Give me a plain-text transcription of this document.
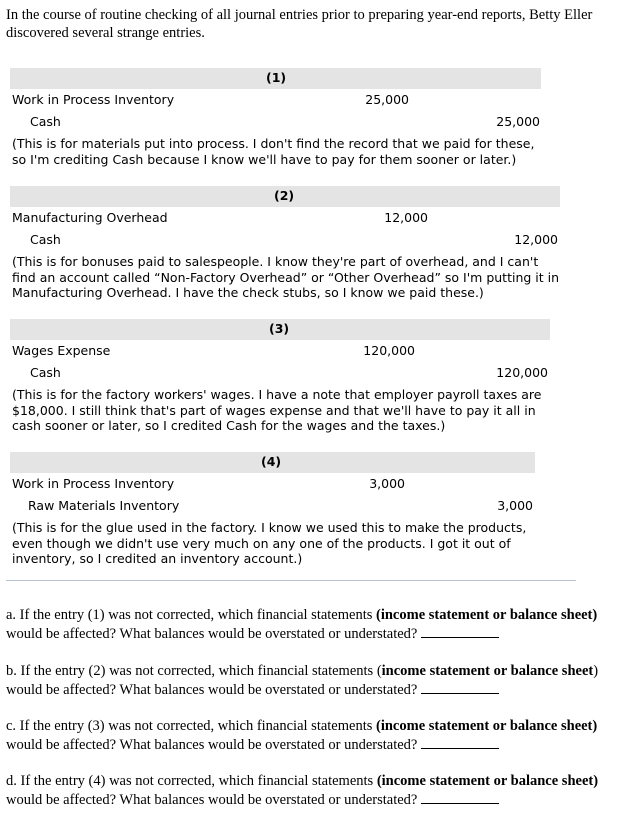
In the course of routine checking of all journal entries prior to preparing year-end reports, Betty Eller discovered several strange entries.
(1)
Work in Process Inventory	25,000
Cash	25,000
(This is for materials put into process. I don't find the record that we paid for these,
so I'm crediting Cash because I know we'll have to pay for them sooner or later.)
(2)
Manufacturing Overhead	12,000
Cash	12,000
(This is for bonuses paid to salespeople. I know they're part of overhead, and I can't
find an account called “Non-Factory Overhead” or “Other Overhead” so I'm putting it in
Manufacturing Overhead. I have the check stubs, so I know we paid these.)
(3)
Wages Expense	120,000
Cash	120,000
(This is for the factory workers' wages. I have a note that employer payroll taxes are
$18,000. I still think that's part of wages expense and that we'll have to pay it all in
cash sooner or later, so I credited Cash for the wages and the taxes.)
(4)
Work in Process Inventory	3,000
Raw Materials Inventory	3,000
(This is for the glue used in the factory. I know we used this to make the products,
even though we didn't use very much on any one of the products. I got it out of
inventory, so I credited an inventory account.)
a. If the entry (1) was not corrected, which financial statements (income statement or balance sheet) would be affected? What balances would be overstated or understated?
b. If the entry (2) was not corrected, which financial statements (income statement or balance sheet) would be affected? What balances would be overstated or understated?
c. If the entry (3) was not corrected, which financial statements (income statement or balance sheet) would be affected? What balances would be overstated or understated?
d. If the entry (4) was not corrected, which financial statements (income statement or balance sheet) would be affected? What balances would be overstated or understated?
